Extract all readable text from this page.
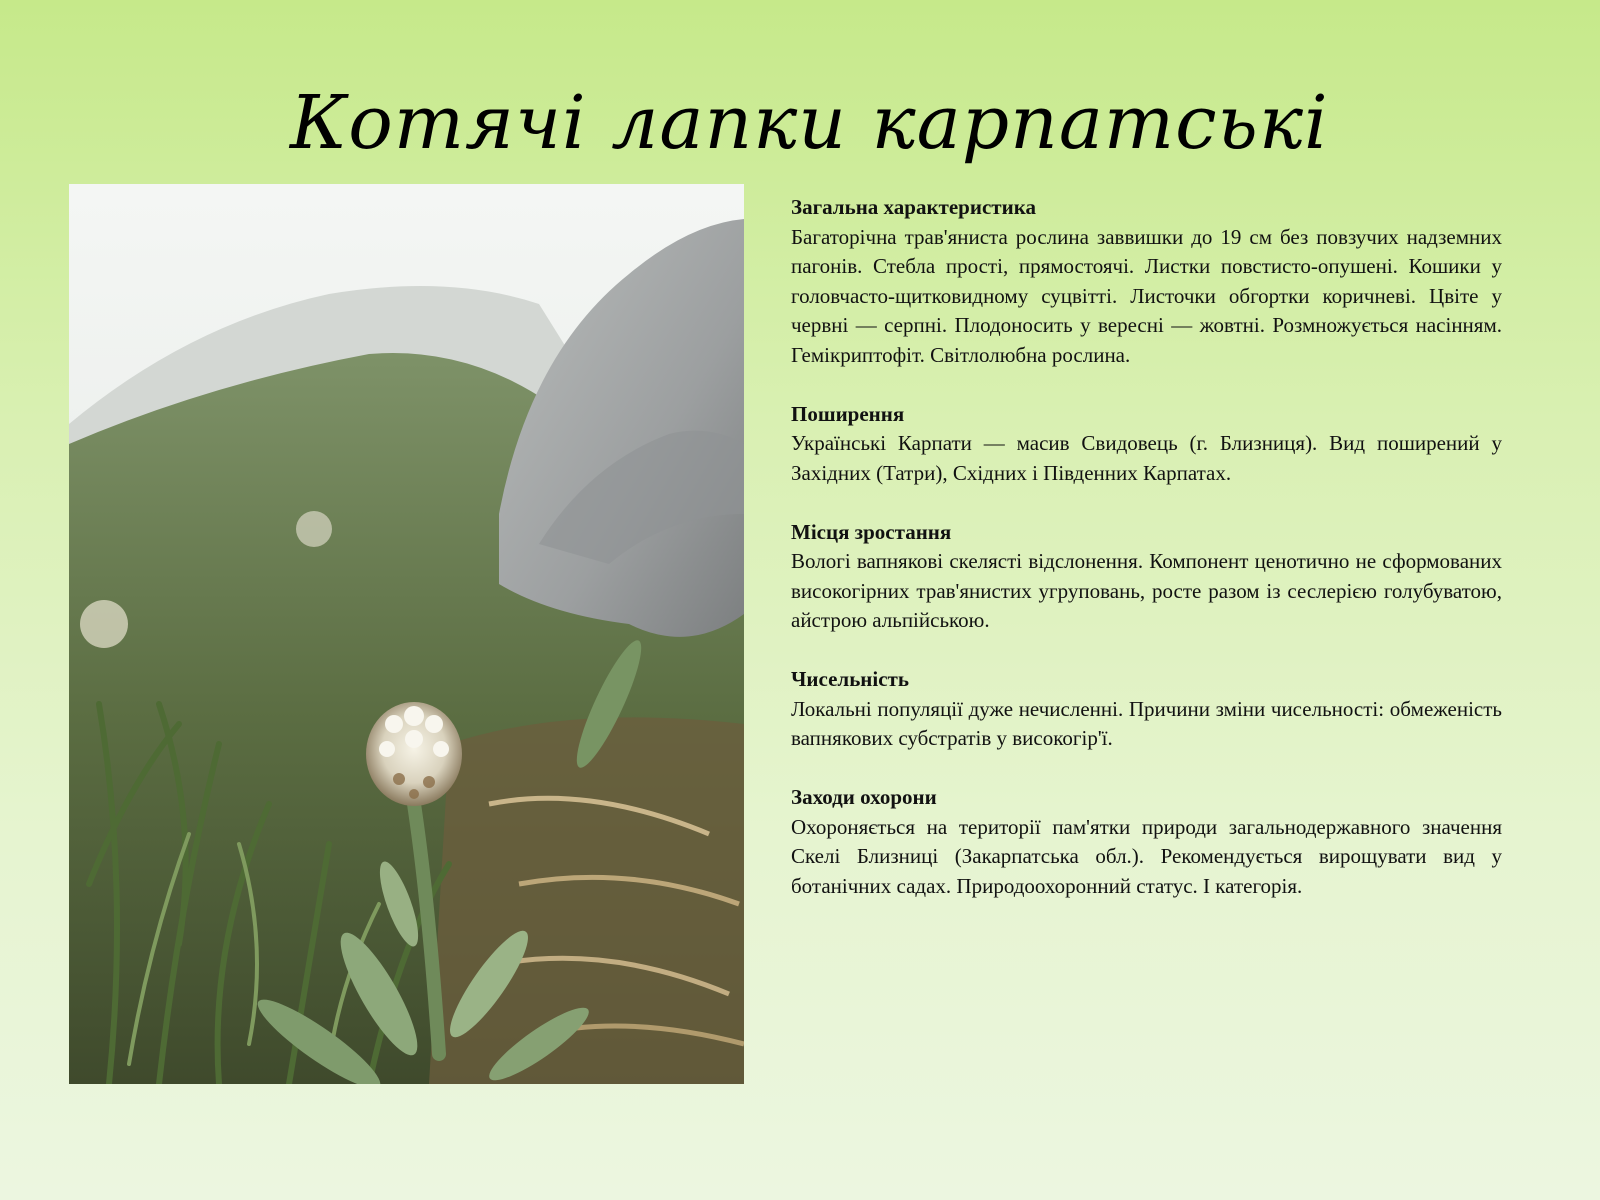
Котячі лапки карпатські

Загальна характеристика

Багаторічна трав'яниста рослина заввишки до 19 см без повзучих надземних пагонів. Стебла прості, прямостоячі. Листки повстисто-опушені. Кошики у головчасто-щитковидному суцвітті. Листочки обгортки коричневі. Цвіте у червні — серпні. Плодоносить у вересні — жовтні. Розмножується насінням. Гемікриптофіт. Світлолюбна рослина.

Поширення

Українські Карпати — масив Свидовець (г. Близниця). Вид поширений у Західних (Татри), Східних і Південних Карпатах.

Місця зростання

Вологі вапнякові скелясті відслонення. Компонент ценотично не сформованих високогірних трав'янистих угруповань, росте разом із сеслерією голубуватою, айстрою альпійською.

Чисельність

Локальні популяції дуже нечисленні. Причини зміни чисельності: обмеженість вапнякових субстратів у високогір'ї.

Заходи охорони

Охороняється на території пам'ятки природи загальнодержавного значення Скелі Близниці (Закарпатська обл.). Рекомендується вирощувати вид у ботанічних садах. Природоохоронний статус. I категорія.
